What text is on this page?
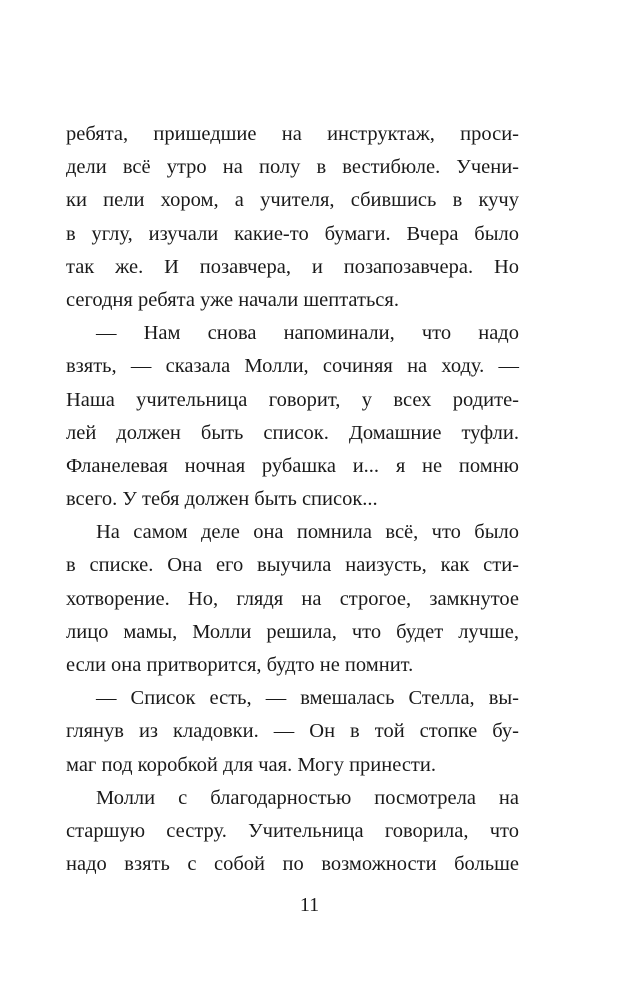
ребята, пришедшие на инструктаж, проси-
дели всё утро на полу в вестибюле. Учени-
ки пели хором, а учителя, сбившись в кучу
в углу, изучали какие-то бумаги. Вчера было
так же. И позавчера, и позапозавчера. Но
сегодня ребята уже начали шептаться.
— Нам снова напоминали, что надо
взять, — сказала Молли, сочиняя на ходу. —
Наша учительница говорит, у всех родите-
лей должен быть список. Домашние туфли.
Фланелевая ночная рубашка и... я не помню
всего. У тебя должен быть список...
На самом деле она помнила всё, что было
в списке. Она его выучила наизусть, как сти-
хотворение. Но, глядя на строгое, замкнутое
лицо мамы, Молли решила, что будет лучше,
если она притворится, будто не помнит.
— Список есть, — вмешалась Стелла, вы-
глянув из кладовки. — Он в той стопке бу-
маг под коробкой для чая. Могу принести.
Молли с благодарностью посмотрела на
старшую сестру. Учительница говорила, что
надо взять с собой по возможности больше
11
